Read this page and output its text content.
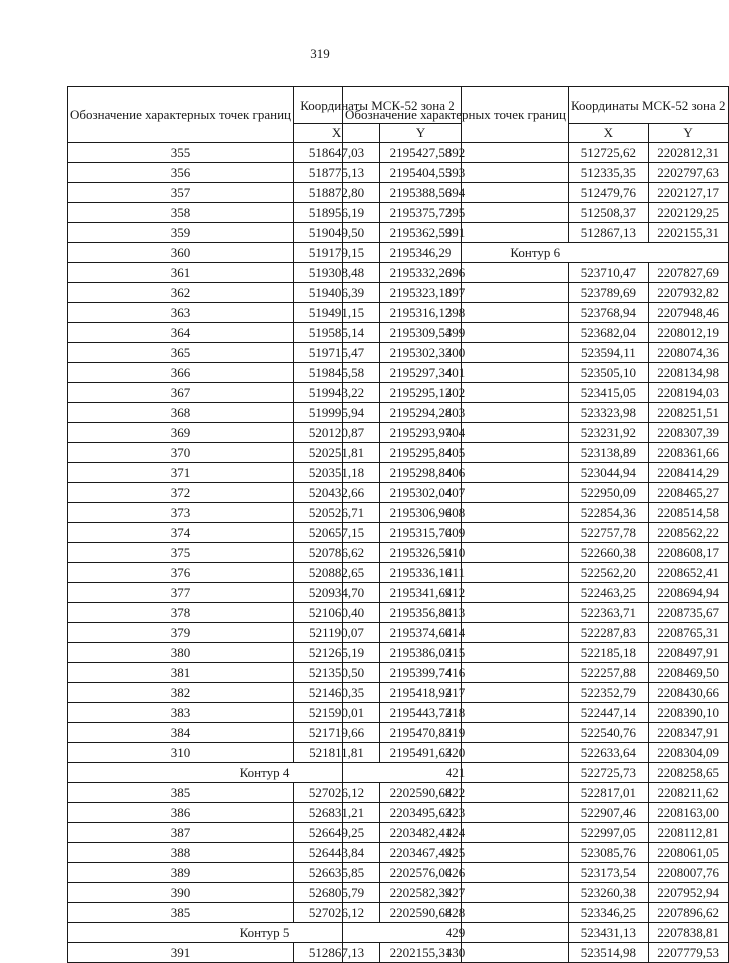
319
Обозначение характерных точек границ	Координаты МСК-52 зона 2	
	X	Y
355	518647,03	2195427,58
356	518775,13	2195404,55
357	518872,80	2195388,56
358	518956,19	2195375,72
359	519049,50	2195362,59
360	519179,15	2195346,29
361	519308,48	2195332,26
362	519406,39	2195323,18
363	519491,15	2195316,12
364	519585,14	2195309,54
365	519715,47	2195302,33
366	519845,58	2195297,34
367	519943,22	2195295,12
368	519995,94	2195294,28
369	520120,87	2195293,97
370	520251,81	2195295,84
371	520351,18	2195298,84
372	520432,66	2195302,04
373	520526,71	2195306,96
374	520657,15	2195315,70
375	520786,62	2195326,59
376	520882,65	2195336,16
377	520934,70	2195341,69
378	521060,40	2195356,80
379	521190,07	2195374,60
380	521265,19	2195386,03
381	521350,50	2195399,74
382	521460,35	2195418,92
383	521590,01	2195443,72
384	521719,66	2195470,83
310	521811,81	2195491,63
Контур 4		
385	527026,12	2202590,68
386	526831,21	2203495,63
387	526649,25	2203482,41
388	526443,84	2203467,49
389	526635,85	2202576,00
390	526805,79	2202582,39
385	527026,12	2202590,68
Контур 5		
391	512867,13	2202155,31
Обозначение характерных точек границ	Координаты МСК-52 зона 2	
	X	Y
392	512725,62	2202812,31
393	512335,35	2202797,63
394	512479,76	2202127,17
395	512508,37	2202129,25
391	512867,13	2202155,31
Контур 6		
396	523710,47	2207827,69
397	523789,69	2207932,82
398	523768,94	2207948,46
399	523682,04	2208012,19
400	523594,11	2208074,36
401	523505,10	2208134,98
402	523415,05	2208194,03
403	523323,98	2208251,51
404	523231,92	2208307,39
405	523138,89	2208361,66
406	523044,94	2208414,29
407	522950,09	2208465,27
408	522854,36	2208514,58
409	522757,78	2208562,22
410	522660,38	2208608,17
411	522562,20	2208652,41
412	522463,25	2208694,94
413	522363,71	2208735,67
414	522287,83	2208765,31
415	522185,18	2208497,91
416	522257,88	2208469,50
417	522352,79	2208430,66
418	522447,14	2208390,10
419	522540,76	2208347,91
420	522633,64	2208304,09
421	522725,73	2208258,65
422	522817,01	2208211,62
423	522907,46	2208163,00
424	522997,05	2208112,81
425	523085,76	2208061,05
426	523173,54	2208007,76
427	523260,38	2207952,94
428	523346,25	2207896,62
429	523431,13	2207838,81
430	523514,98	2207779,53
